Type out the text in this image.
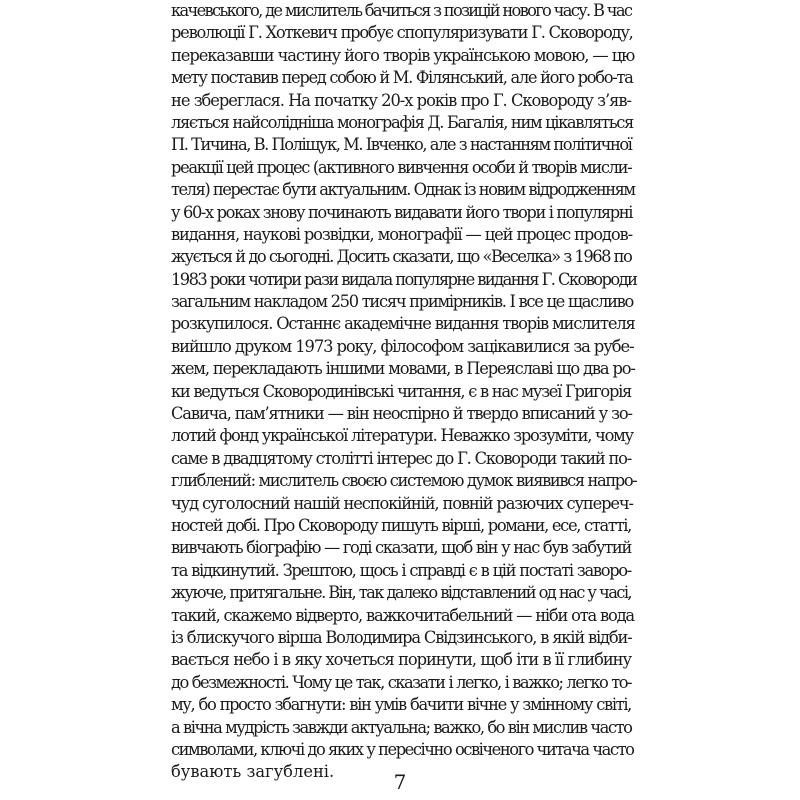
качевського, де мислитель бачиться з позицій нового часу. В час
революції Г. Хоткевич пробує спопуляризувати Г. Сковороду,
переказавши частину його творів українською мовою, — цю
мету поставив перед собою й М. Філянський, але його робо-та
не збереглася. На початку 20-х років про Г. Сковороду з’яв-
ляється найсолідніша монографія Д. Багалія, ним цікавляться
П. Тичина, В. Поліщук, М. Івченко, але з настанням політичної
реакції цей процес (активного вивчення особи й творів мисли-
теля) перестає бути актуальним. Однак із новим відродженням
у 60-х роках знову починають видавати його твори і популярні
видання, наукові розвідки, монографії — цей процес продов-
жується й до сьогодні. Досить сказати, що «Веселка» з 1968 по
1983 роки чотири рази видала популярне видання Г. Сковороди
загальним накладом 250 тисяч примірників. І все це щасливо
розкупилося. Останнє академічне видання творів мислителя
вийшло друком 1973 року, філософом зацікавилися за рубе-
жем, перекладають іншими мовами, в Переяславі що два ро-
ки ведуться Сковородинівські читання, є в нас музеї Григорія
Савича, пам’ятники — він неоспірно й твердо вписаний у зо-
лотий фонд української літератури. Неважко зрозуміти, чому
саме в двадцятому столітті інтерес до Г. Сковороди такий по-
глиблений: мислитель своєю системою думок виявився напро-
чуд суголосний нашій неспокійній, повній разючих супереч-
ностей добі. Про Сковороду пишуть вірші, романи, есе, статті,
вивчають біографію — годі сказати, щоб він у нас був забутий
та відкинутий. Зрештою, щось і справді є в цій постаті заворо-
жуюче, притягальне. Він, так далеко відставлений од нас у часі,
такий, скажемо відверто, важкочитабельний — ніби ота вода
із блискучого вірша Володимира Свідзинського, в якій відби-
вається небо і в яку хочеться поринути, щоб іти в її глибину
до безмежності. Чому це так, сказати і легко, і важко; легко то-
му, бо просто збагнути: він умів бачити вічне у змінному світі,
а вічна мудрість завжди актуальна; важко, бо він мислив часто
символами, ключі до яких у пересічно освіченого читача часто
бувають загублені.	7
